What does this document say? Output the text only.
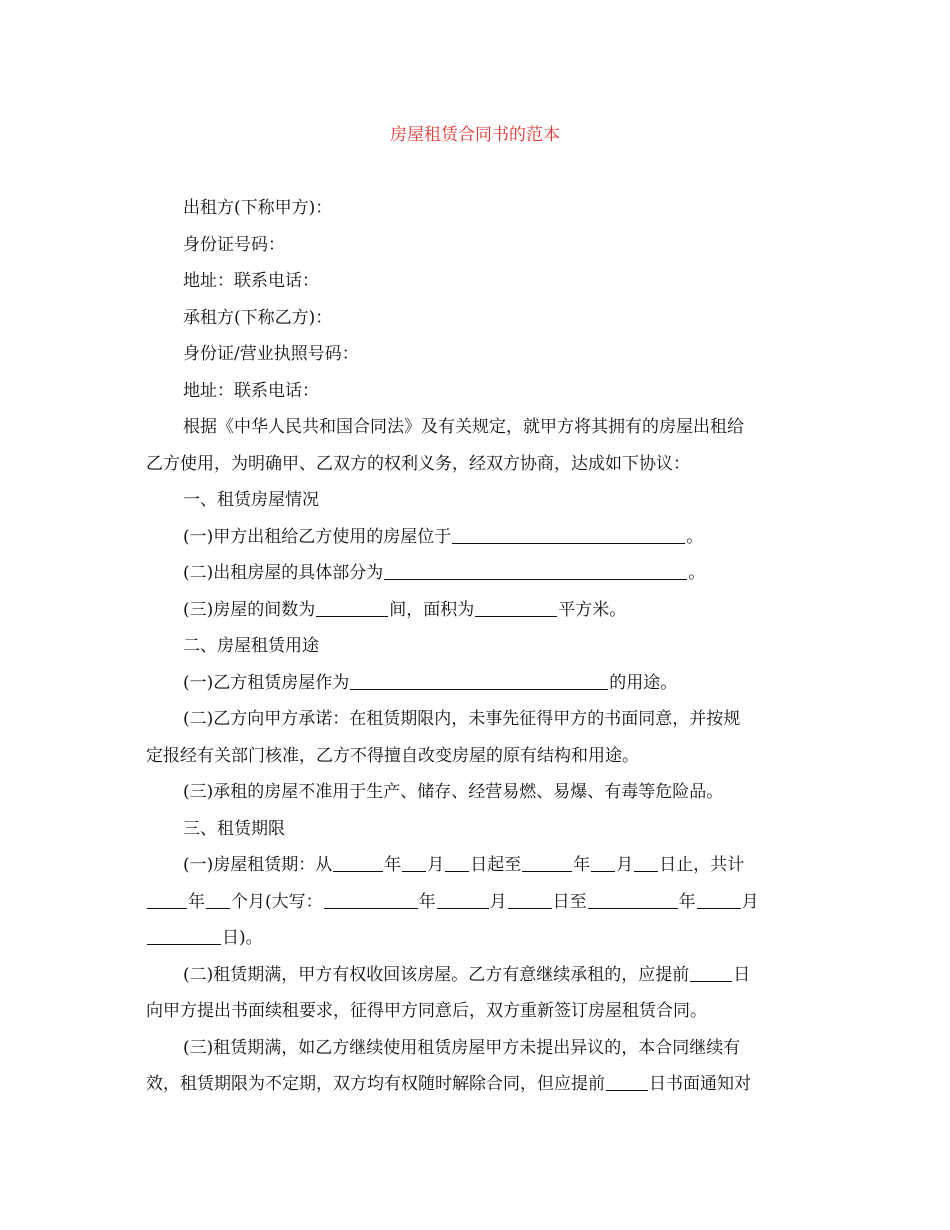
房屋租赁合同书的范本
出租方(下称甲方)：
身份证号码：
地址：联系电话：
承租方(下称乙方)：
身份证/营业执照号码：
地址：联系电话：
根据《中华人民共和国合同法》及有关规定，就甲方将其拥有的房屋出租给
乙方使用，为明确甲、乙双方的权利义务，经双方协商，达成如下协议：
一、租赁房屋情况
(一)甲方出租给乙方使用的房屋位于	。
(二)出租房屋的具体部分为	。
(三)房屋的间数为	间，面积为	平方米。
二、房屋租赁用途
(一)乙方租赁房屋作为	的用途。
(二)乙方向甲方承诺：在租赁期限内，未事先征得甲方的书面同意，并按规
定报经有关部门核准，乙方不得擅自改变房屋的原有结构和用途。
(三)承租的房屋不准用于生产、储存、经营易燃、易爆、有毒等危险品。
三、租赁期限
(一)房屋租赁期：从	年 月 日起至	年 月 日止，共计
年 个月(大写：	年	月	日至	年	月
日)。
(二)租赁期满，甲方有权收回该房屋。乙方有意继续承租的，应提前	日
向甲方提出书面续租要求，征得甲方同意后，双方重新签订房屋租赁合同。
(三)租赁期满，如乙方继续使用租赁房屋甲方未提出异议的，本合同继续有
效，租赁期限为不定期，双方均有权随时解除合同，但应提前	日书面通知对
